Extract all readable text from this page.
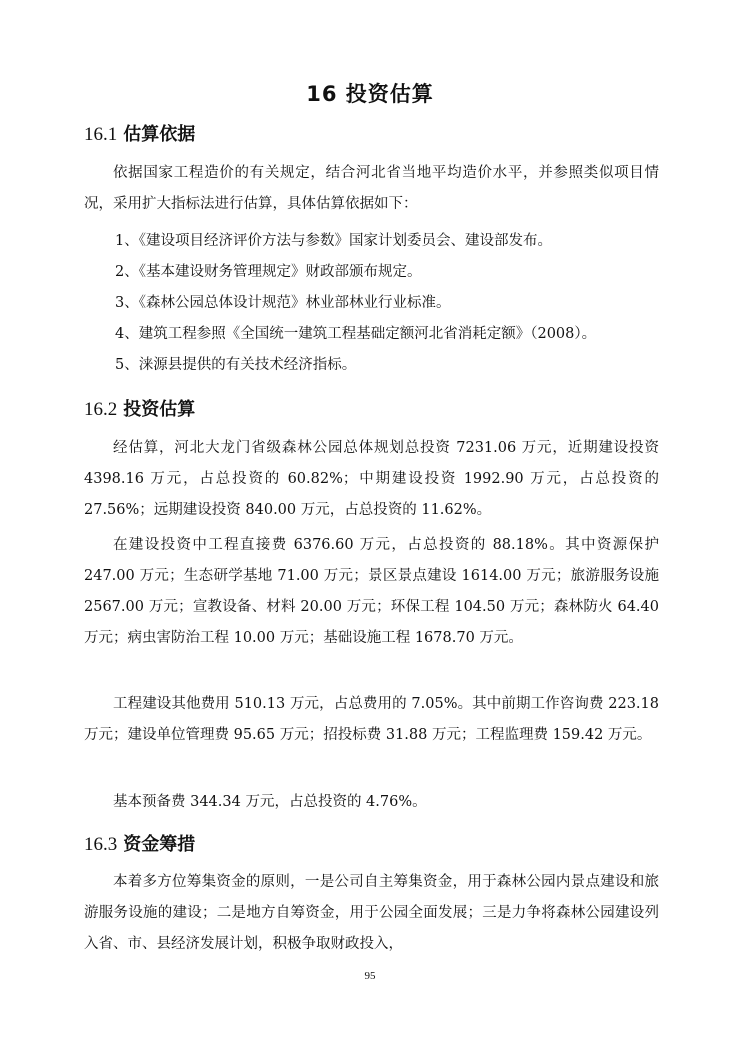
16 投资估算
16.1 估算依据
依据国家工程造价的有关规定，结合河北省当地平均造价水平，并参照类似项目情况，采用扩大指标法进行估算，具体估算依据如下：
1、《建设项目经济评价方法与参数》国家计划委员会、建设部发布。
2、《基本建设财务管理规定》财政部颁布规定。
3、《森林公园总体设计规范》林业部林业行业标准。
4、建筑工程参照《全国统一建筑工程基础定额河北省消耗定额》（2008）。
5、涞源县提供的有关技术经济指标。
16.2 投资估算
经估算，河北大龙门省级森林公园总体规划总投资 7231.06 万元，近期建设投资 4398.16 万元，占总投资的 60.82%；中期建设投资 1992.90 万元，占总投资的 27.56%；远期建设投资 840.00 万元，占总投资的 11.62%。
在建设投资中工程直接费 6376.60 万元，占总投资的 88.18%。其中资源保护 247.00 万元；生态研学基地 71.00 万元；景区景点建设 1614.00 万元；旅游服务设施 2567.00 万元；宣教设备、材料 20.00 万元；环保工程 104.50 万元；森林防火 64.40 万元；病虫害防治工程 10.00 万元；基础设施工程 1678.70 万元。
工程建设其他费用 510.13 万元，占总费用的 7.05%。其中前期工作咨询费 223.18 万元；建设单位管理费 95.65 万元；招投标费 31.88 万元；工程监理费 159.42 万元。
基本预备费 344.34 万元，占总投资的 4.76%。
16.3 资金筹措
本着多方位筹集资金的原则，一是公司自主筹集资金，用于森林公园内景点建设和旅游服务设施的建设；二是地方自筹资金，用于公园全面发展；三是力争将森林公园建设列入省、市、县经济发展计划，积极争取财政投入，
95
